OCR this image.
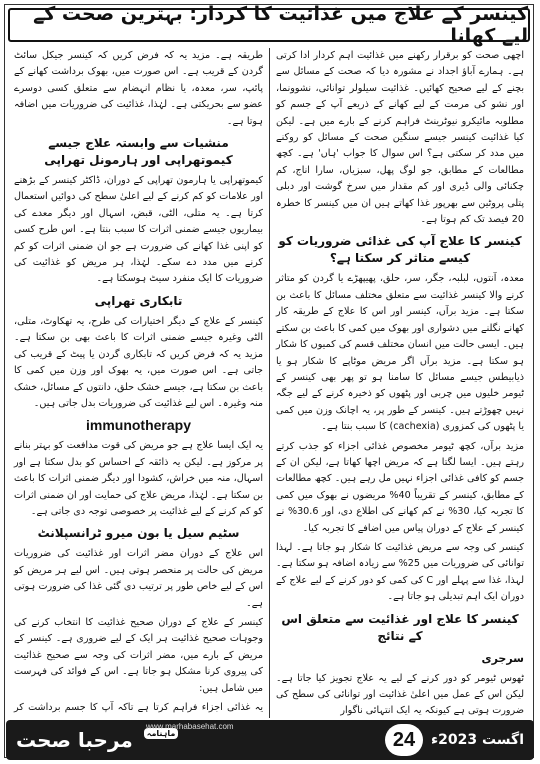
کینسر کے علاج میں غذائیت کا کردار: بہترین صحت کے لیے کھانا

اچھی صحت کو برقرار رکھنے میں غذائیت اہم کردار ادا کرتی ہے۔ ہمارے آباؤ اجداد نے مشورہ دیا کہ صحت کے مسائل سے بچنے کے لیے صحیح کھائیں۔ غذائیت سیلولر توانائی، نشوونما، اور نشو کی مرمت کے لیے کھانے کے ذریعے آپ کے جسم کو مطلوبہ مائیکرو نیوٹرینٹ فراہم کرنے کے بارے میں ہے۔ لیکن کیا غذائیت کینسر جیسے سنگین صحت کے مسائل کو روکنے میں مدد کر سکتی ہے؟ اس سوال کا جواب 'ہاں' ہے۔ کچھ مطالعات کے مطابق، جو لوگ پھل، سبزیاں، سارا اناج، کم چکنائی والی ڈیری اور کم مقدار میں سرخ گوشت اور دبلی پتلی پروٹین سے بھرپور غذا کھاتے ہیں ان میں کینسر کا خطرہ 20 فیصد تک کم ہوتا ہے۔

کینسر کا علاج آپ کی غذائی ضروریات کو کیسے متاثر کر سکتا ہے؟

معدہ، آنتوں، لبلبہ، جگر، سر، حلق، پھیپھڑے یا گردن کو متاثر کرنے والا کینسر غذائیت سے متعلق مختلف مسائل کا باعث بن سکتا ہے۔ مزید برآں، کینسر اور اس کا علاج کے طریقہ کار کھانے نگلنے میں دشواری اور بھوک میں کمی کا باعث بن سکتے ہیں۔ ایسی حالت میں انسان مختلف قسم کی کمیوں کا شکار ہو سکتا ہے۔ مزید برآں اگر مریض موٹاپے کا شکار ہو یا ذیابیطس جیسے مسائل کا سامنا ہو تو پھر بھی کینسر کے ٹیومر خلیوں میں چربی اور پٹھوں کو ذخیرہ کرنے کے لیے جگہ نہیں چھوڑتے ہیں۔ کینسر کے طور پر، یہ اچانک وزن میں کمی یا پٹھوں کی کمزوری (cachexia) کا سبب بنتا ہے۔

مزید برآں، کچھ ٹیومر مخصوص غذائی اجزاء کو جذب کرتے رہتے ہیں۔ ایسا لگتا ہے کہ مریض اچھا کھاتا ہے، لیکن ان کے جسم کو کافی غذائی اجزاء نہیں مل رہے ہیں۔ کچھ مطالعات کے مطابق، کینسر کے تقریباً 40% مریضوں نے بھوک میں کمی کا تجربہ کیا، 30% نے کم کھانے کی اطلاع دی، اور 30.6% نے کینسر کے علاج کے دوران پیاس میں اضافے کا تجربہ کیا۔

کینسر کی وجہ سے مریض غذائیت کا شکار ہو جاتا ہے۔ لہذا توانائی کی ضروریات میں 25% سے زیادہ اضافہ ہو سکتا ہے۔ لہذا، غذا سے پہلے اور C کی کمی کو دور کرنے کے لیے علاج کے دوران ایک اہم تبدیلی ہو جاتا ہے۔

کینسر کا علاج اور غذائیت سے متعلق اس کے نتائج
سرجری

ٹھوس ٹیومر کو دور کرنے کے لیے یہ علاج تجویز کیا جاتا ہے۔ لیکن اس کے عمل میں اعلیٰ غذائیت اور توانائی کی سطح کی ضرورت ہوتی ہے کیونکہ یہ ایک انتہائی ناگوار

طریقہ ہے۔ مزید یہ کہ فرض کریں کہ کینسر جیکل سائٹ گردن کے قریب ہے۔ اس صورت میں، بھوک برداشت کھانے کے پائپ، سر، معدہ، یا نظام انہضام سے متعلق کسی دوسرے عضو سے بحریکتی ہے۔ لہٰذا، غذائیت کی ضروریات میں اضافہ ہوتا ہے۔

منشیات سے وابستہ علاج جیسے کیموتھراپی اور ہارمونل تھراپی

کیموتھراپی یا ہارمون تھراپی کے دوران، ڈاکٹر کینسر کے بڑھنے اور علامات کو کم کرنے کے لیے اعلیٰ سطح کی دوائیں استعمال کرتا ہے۔ یہ متلی، الٹی، قبض، اسہال اور دیگر معدے کی بیماریوں جیسے ضمنی اثرات کا سبب بنتا ہے۔ اس طرح کسی کو اپنی غذا کھانے کی ضرورت ہے جو ان ضمنی اثرات کو کم کرنے میں مدد دے سکے۔ لہٰذا، ہر مریض کو غذائیت کی ضروریات کا ایک منفرد سیٹ ہوسکتا ہے۔

تابکاری تھراپی

کینسر کے علاج کے دیگر اختیارات کی طرح، یہ تھکاوٹ، متلی، الٹی وغیرہ جیسے ضمنی اثرات کا باعث بھی بن سکتا ہے۔ مزید یہ کہ فرض کریں کہ تابکاری گردن یا پیٹ کے قریب کی جاتی ہے۔ اس صورت میں، یہ بھوک اور وزن میں کمی کا باعث بن سکتا ہے، جیسے خشک حلق، دانتوں کے مسائل، خشک منہ وغیرہ۔ اس لیے غذائیت کی ضروریات بدل جاتی ہیں۔

immunotherapy

یہ ایک ایسا علاج ہے جو مریض کی قوت مدافعت کو بہتر بنانے پر مرکوز ہے۔ لیکن یہ ذائقہ کے احساس کو بدل سکتا ہے اور اسہال، منہ میں خراش، کشودا اور دیگر ضمنی اثرات کا باعث بن سکتا ہے۔ لہٰذا، مریض علاج کی حمایت اور ان ضمنی اثرات کو کم کرنے کے لیے غذائیت پر خصوصی توجہ دی جاتی ہے۔

سٹیم سیل یا بون میرو ٹرانسپلانٹ

اس علاج کے دوران مضر اثرات اور غذائیت کی ضروریات مریض کی حالت پر منحصر ہوتی ہیں۔ اس لیے ہر مریض کو اس کے لیے خاص طور پر ترتیب دی گئی غذا کی ضرورت ہوتی ہے۔

کینسر کے علاج کے دوران صحیح غذائیت کا انتخاب کرنے کی وجوہات صحیح غذائیت ہر ایک کے لیے ضروری ہے۔ کینسر کے مریض کے بارے میں، مضر اثرات کی وجہ سے صحیح غذائیت کی پیروی کرنا مشکل ہو جاتا ہے۔ اس کے فوائد کی فہرست میں شامل ہیں:

یہ غذائی اجزاء فراہم کرتا ہے تاکہ آپ کا جسم برداشت کر

ماہنامہ مرحبا صحت
www.marhabasehat.com
24	اگست 2023ء
